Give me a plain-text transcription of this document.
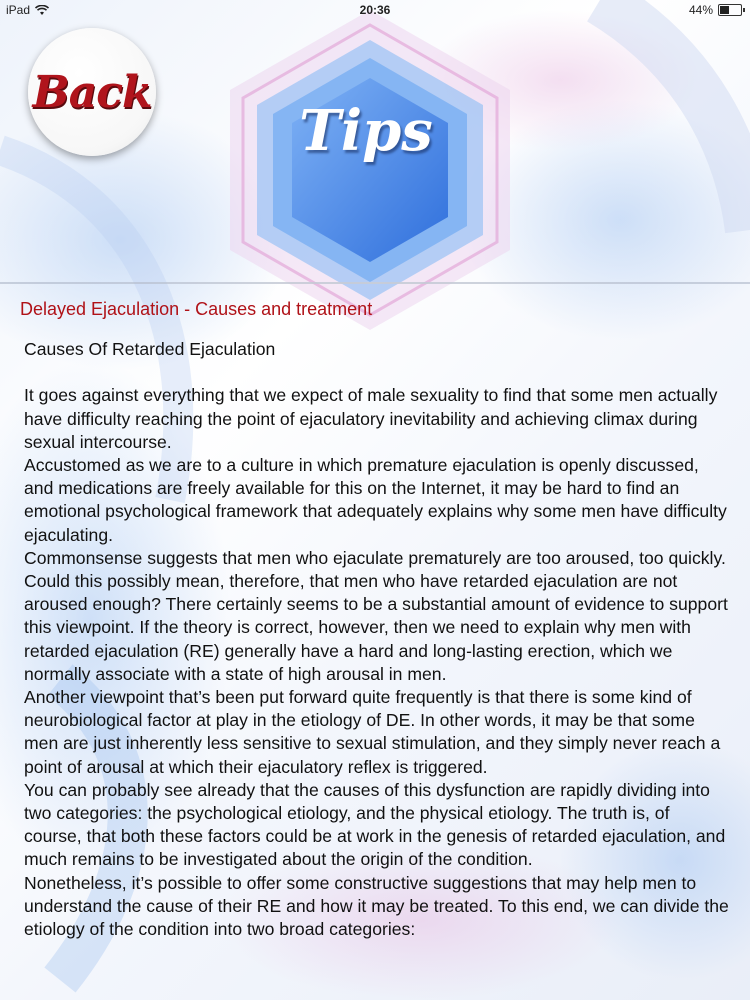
iPad	20:36	44%
Back
Tips
Delayed Ejaculation - Causes and treatment

Causes Of Retarded Ejaculation

It goes against everything that we expect of male sexuality to find that some men actually have difficulty reaching the point of ejaculatory inevitability and achieving climax during sexual intercourse.

Accustomed as we are to a culture in which premature ejaculation is openly discussed, and medications are freely available for this on the Internet, it may be hard to find an emotional psychological framework that adequately explains why some men have difficulty ejaculating.

Commonsense suggests that men who ejaculate prematurely are too aroused, too quickly. Could this possibly mean, therefore, that men who have retarded ejaculation are not aroused enough? There certainly seems to be a substantial amount of evidence to support this viewpoint. If the theory is correct, however, then we need to explain why men with retarded ejaculation (RE) generally have a hard and long-lasting erection, which we normally associate with a state of high arousal in men.

Another viewpoint that’s been put forward quite frequently is that there is some kind of neurobiological factor at play in the etiology of DE. In other words, it may be that some men are just inherently less sensitive to sexual stimulation, and they simply never reach a point of arousal at which their ejaculatory reflex is triggered.

You can probably see already that the causes of this dysfunction are rapidly dividing into two categories: the psychological etiology, and the physical etiology. The truth is, of course, that both these factors could be at work in the genesis of retarded ejaculation, and much remains to be investigated about the origin of the condition.

Nonetheless, it’s possible to offer some constructive suggestions that may help men to understand the cause of their RE and how it may be treated. To this end, we can divide the etiology of the condition into two broad categories:
